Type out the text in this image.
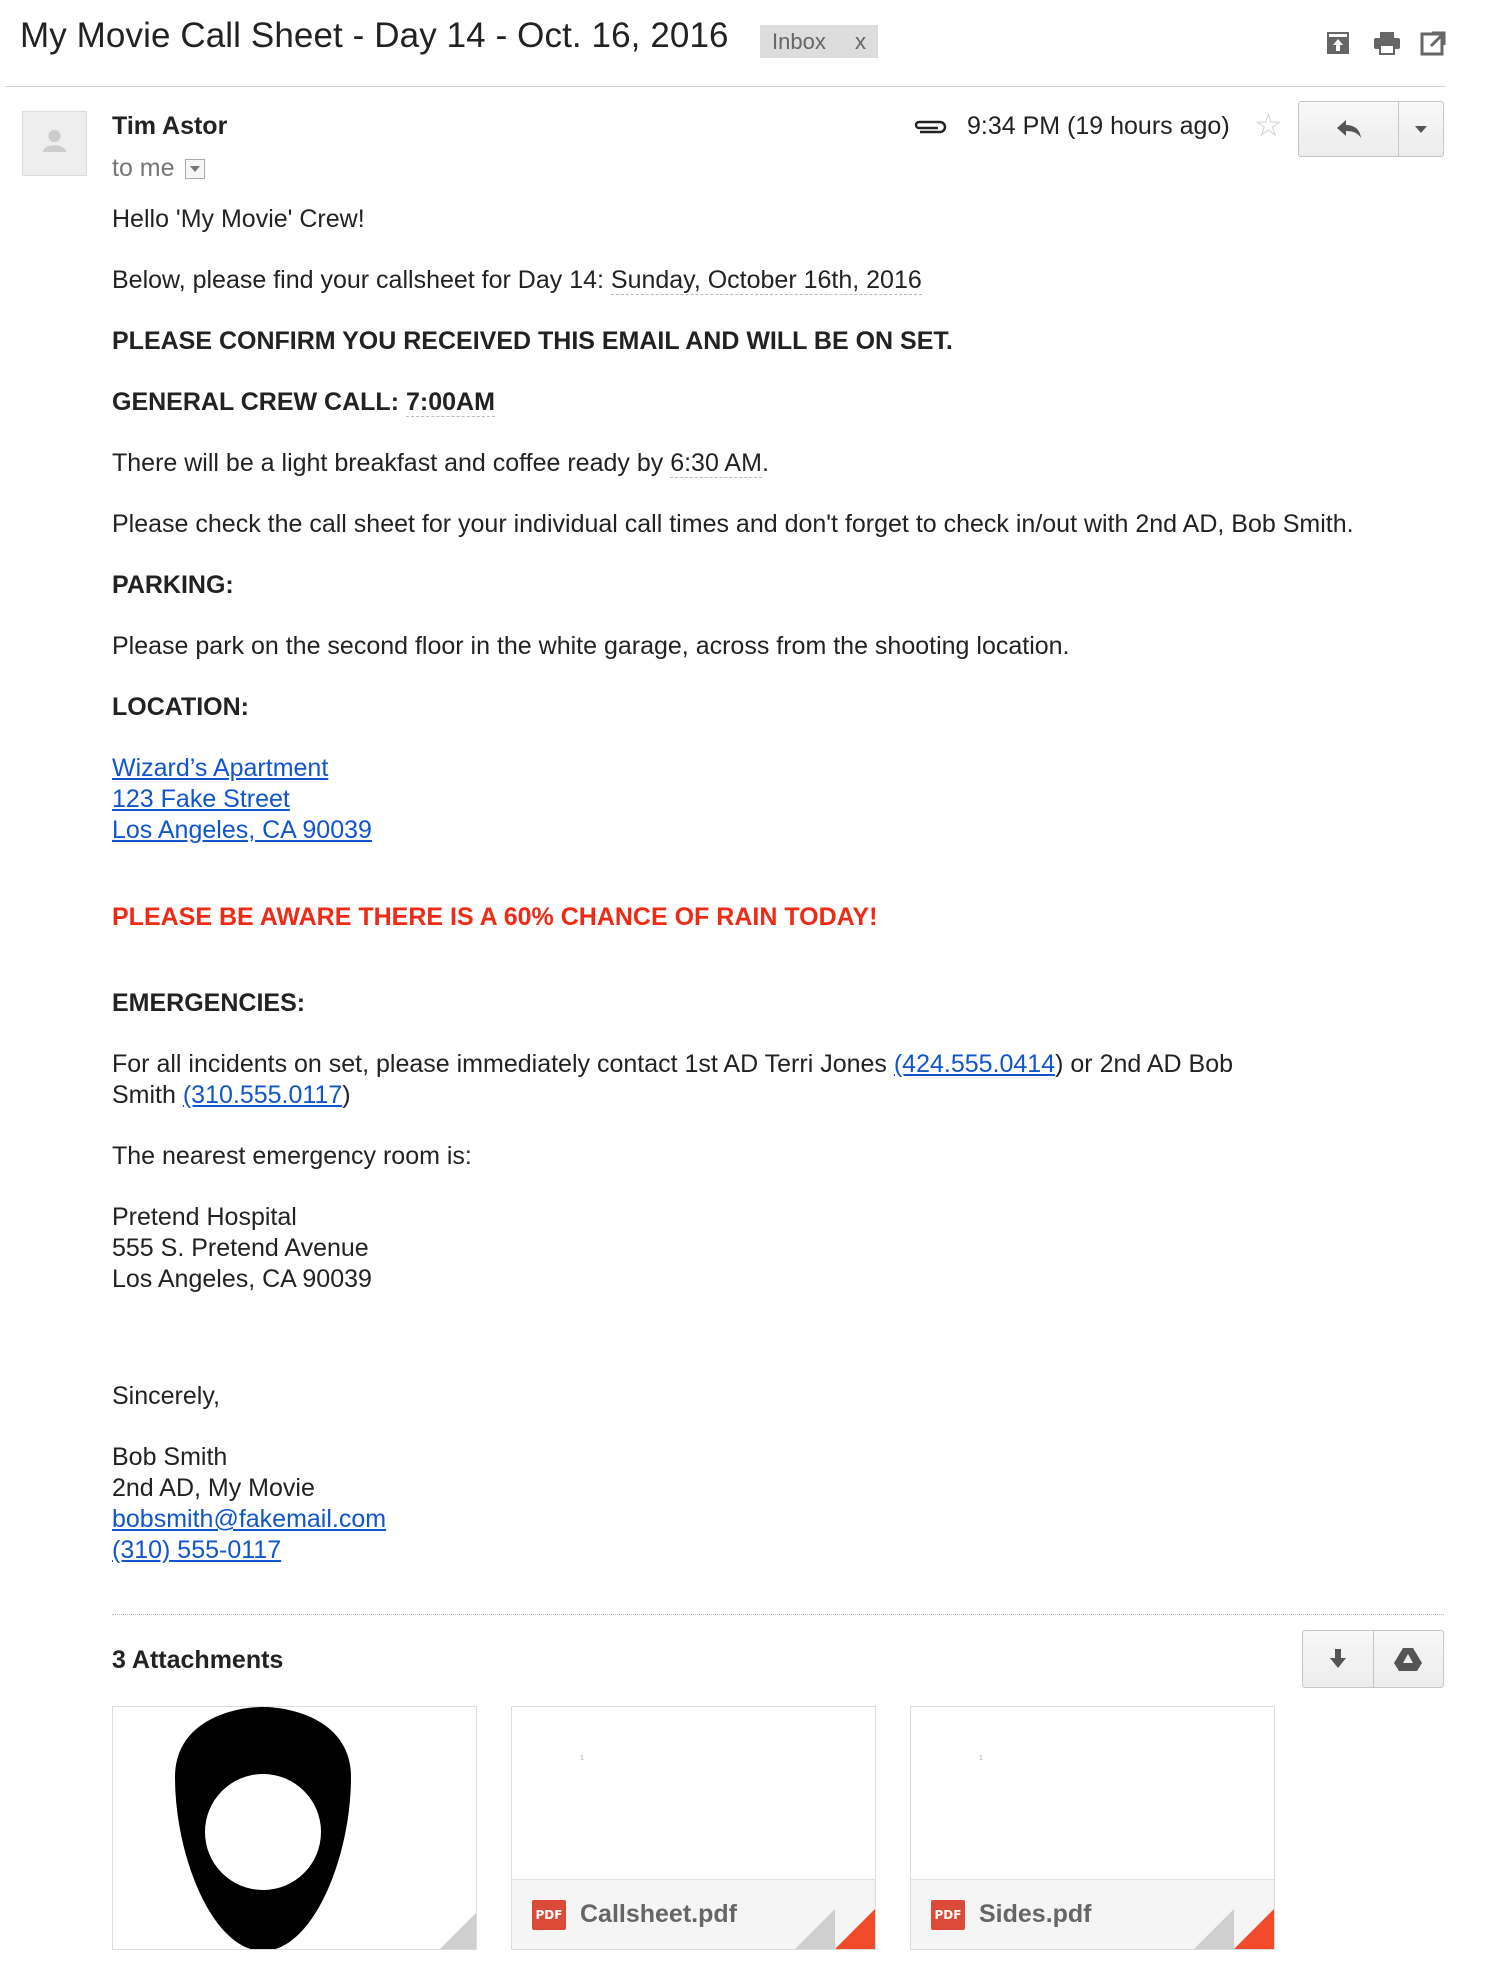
My Movie Call Sheet - Day 14 - Oct. 16, 2016 Inbox x
Tim Astor
to me
9:34 PM (19 hours ago) ☆

Hello 'My Movie' Crew!

Below, please find your callsheet for Day 14: Sunday, October 16th, 2016

PLEASE CONFIRM YOU RECEIVED THIS EMAIL AND WILL BE ON SET.

GENERAL CREW CALL: 7:00AM

There will be a light breakfast and coffee ready by 6:30 AM.

Please check the call sheet for your individual call times and don't forget to check in/out with 2nd AD, Bob Smith.

PARKING:

Please park on the second floor in the white garage, across from the shooting location.

LOCATION:

Wizard’s Apartment
123 Fake Street
Los Angeles, CA 90039

PLEASE BE AWARE THERE IS A 60% CHANCE OF RAIN TODAY!

EMERGENCIES:

For all incidents on set, please immediately contact 1st AD Terri Jones (424.555.0414) or 2nd AD Bob
Smith (310.555.0117)

The nearest emergency room is:

Pretend Hospital
555 S. Pretend Avenue
Los Angeles, CA 90039

Sincerely,

Bob Smith
2nd AD, My Movie
bobsmith@fakemail.com
(310) 555-0117

3 Attachments
1
PDF Callsheet.pdf
1
PDF Sides.pdf
